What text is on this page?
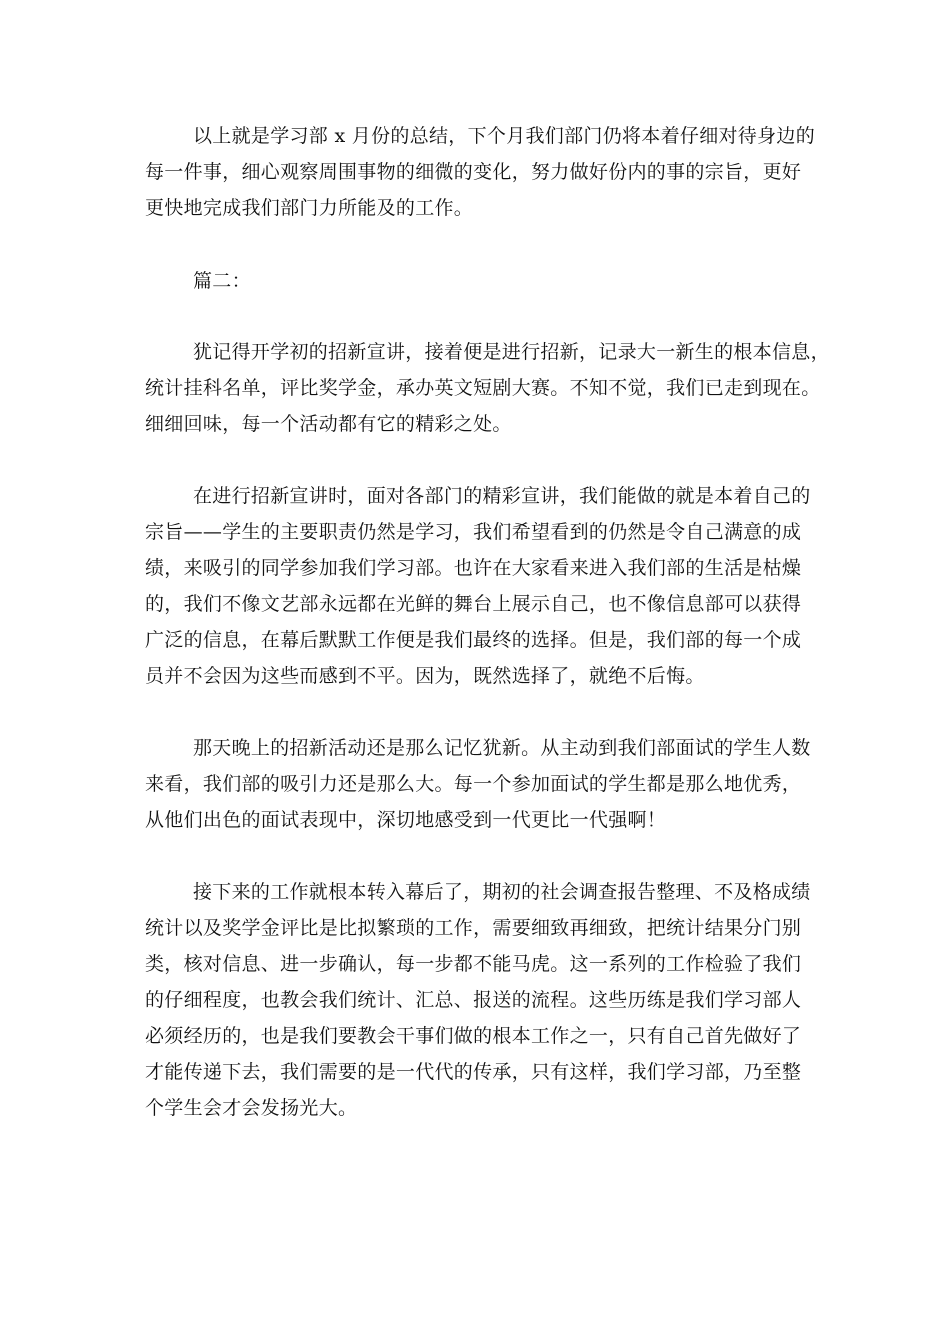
以上就是学习部 x 月份的总结，下个月我们部门仍将本着仔细对待身边的
每一件事，细心观察周围事物的细微的变化，努力做好份内的事的宗旨，更好
更快地完成我们部门力所能及的工作。

篇二：

犹记得开学初的招新宣讲，接着便是进行招新，记录大一新生的根本信息，
统计挂科名单，评比奖学金，承办英文短剧大赛。不知不觉，我们已走到现在。
细细回味，每一个活动都有它的精彩之处。

在进行招新宣讲时，面对各部门的精彩宣讲，我们能做的就是本着自己的
宗旨——学生的主要职责仍然是学习，我们希望看到的仍然是令自己满意的成
绩，来吸引的同学参加我们学习部。也许在大家看来进入我们部的生活是枯燥
的，我们不像文艺部永远都在光鲜的舞台上展示自己，也不像信息部可以获得
广泛的信息，在幕后默默工作便是我们最终的选择。但是，我们部的每一个成
员并不会因为这些而感到不平。因为，既然选择了，就绝不后悔。

那天晚上的招新活动还是那么记忆犹新。从主动到我们部面试的学生人数
来看，我们部的吸引力还是那么大。每一个参加面试的学生都是那么地优秀，
从他们出色的面试表现中，深切地感受到一代更比一代强啊！

接下来的工作就根本转入幕后了，期初的社会调查报告整理、不及格成绩
统计以及奖学金评比是比拟繁琐的工作，需要细致再细致，把统计结果分门别
类，核对信息、进一步确认，每一步都不能马虎。这一系列的工作检验了我们
的仔细程度，也教会我们统计、汇总、报送的流程。这些历练是我们学习部人
必须经历的，也是我们要教会干事们做的根本工作之一，只有自己首先做好了
才能传递下去，我们需要的是一代代的传承，只有这样，我们学习部，乃至整
个学生会才会发扬光大。
